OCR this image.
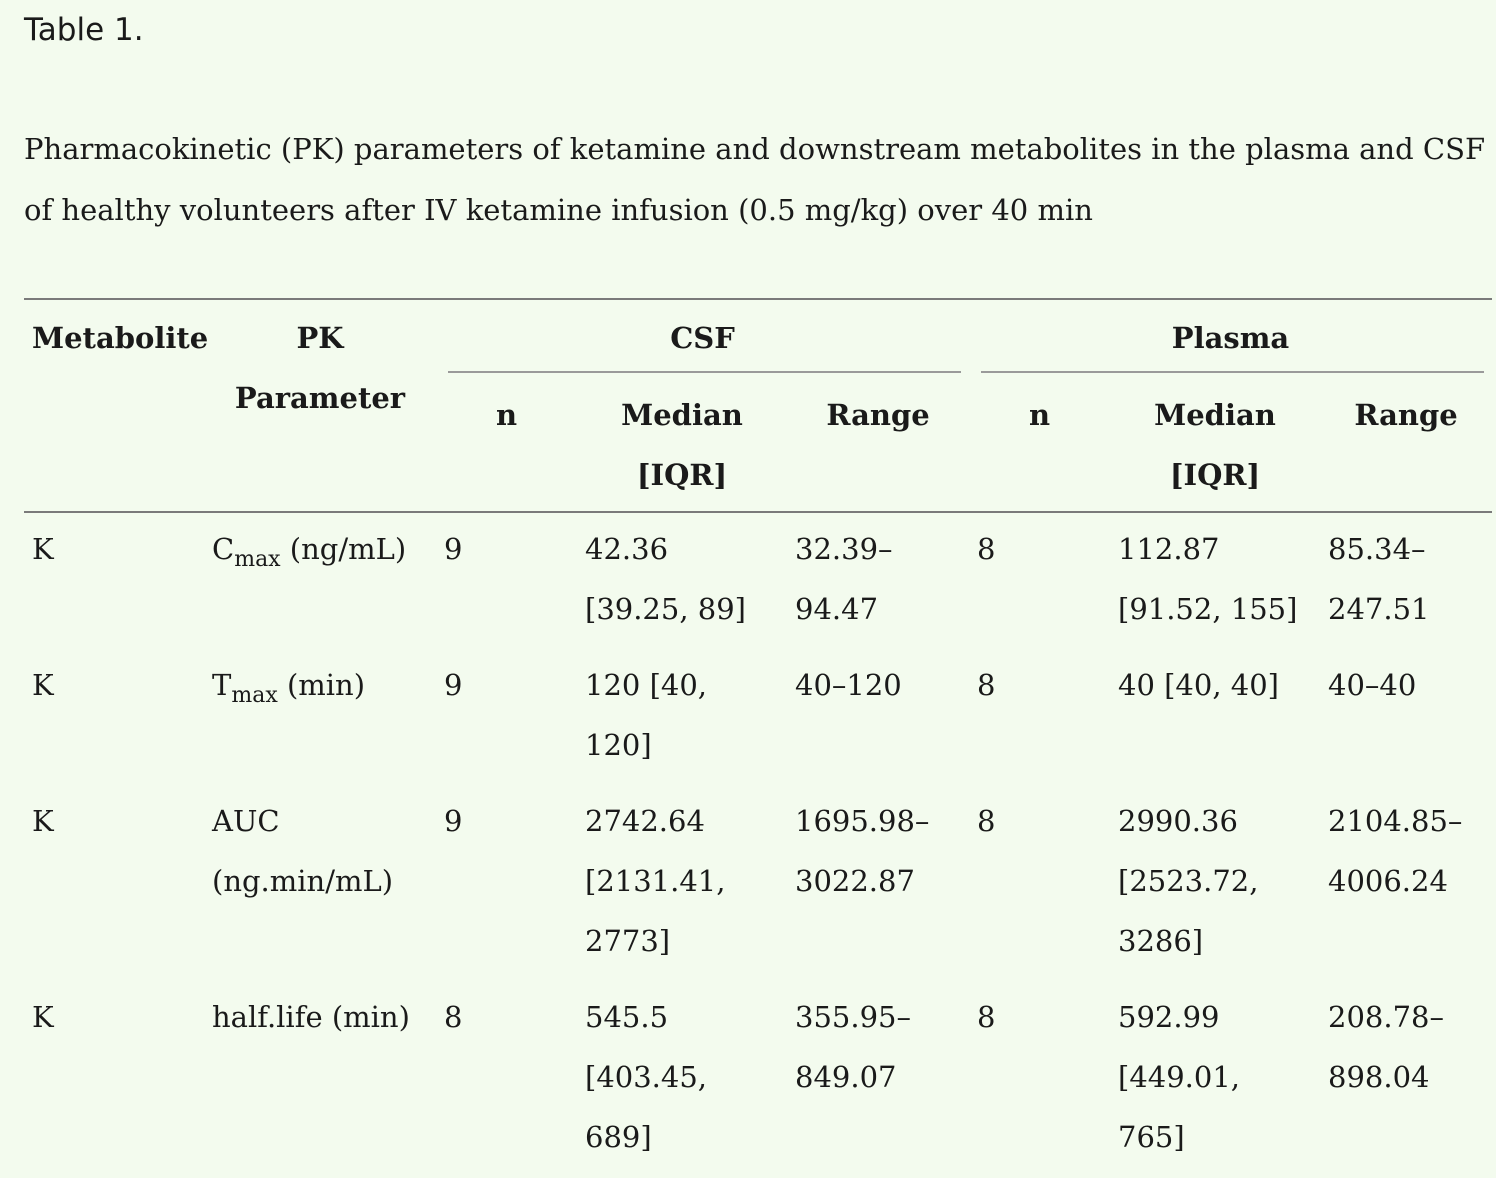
Table 1.

Pharmacokinetic (PK) parameters of ketamine and downstream metabolites in the plasma and CSF of healthy volunteers after IV ketamine infusion (0.5 mg/kg) over 40 min

Metabolite	PK Parameter	CSF			Plasma		
		n	Median [IQR]	Range	n	Median [IQR]	Range
K	$C_{max}$ (ng/mL)	9	42.36 [39.25, 89]	32.39–94.47	8	112.87 [91.52, 155]	85.34–247.51
K	$T_{max}$ (min)	9	120 [40, 120]	40–120	8	40 [40, 40]	40–40
K	AUC (ng.min/mL)	9	2742.64 [2131.41, 2773]	1695.98–3022.87	8	2990.36 [2523.72, 3286]	2104.85–4006.24
K	half.life (min)	8	545.5 [403.45, 689]	355.95–849.07	8	592.99 [449.01, 765]	208.78–898.04
